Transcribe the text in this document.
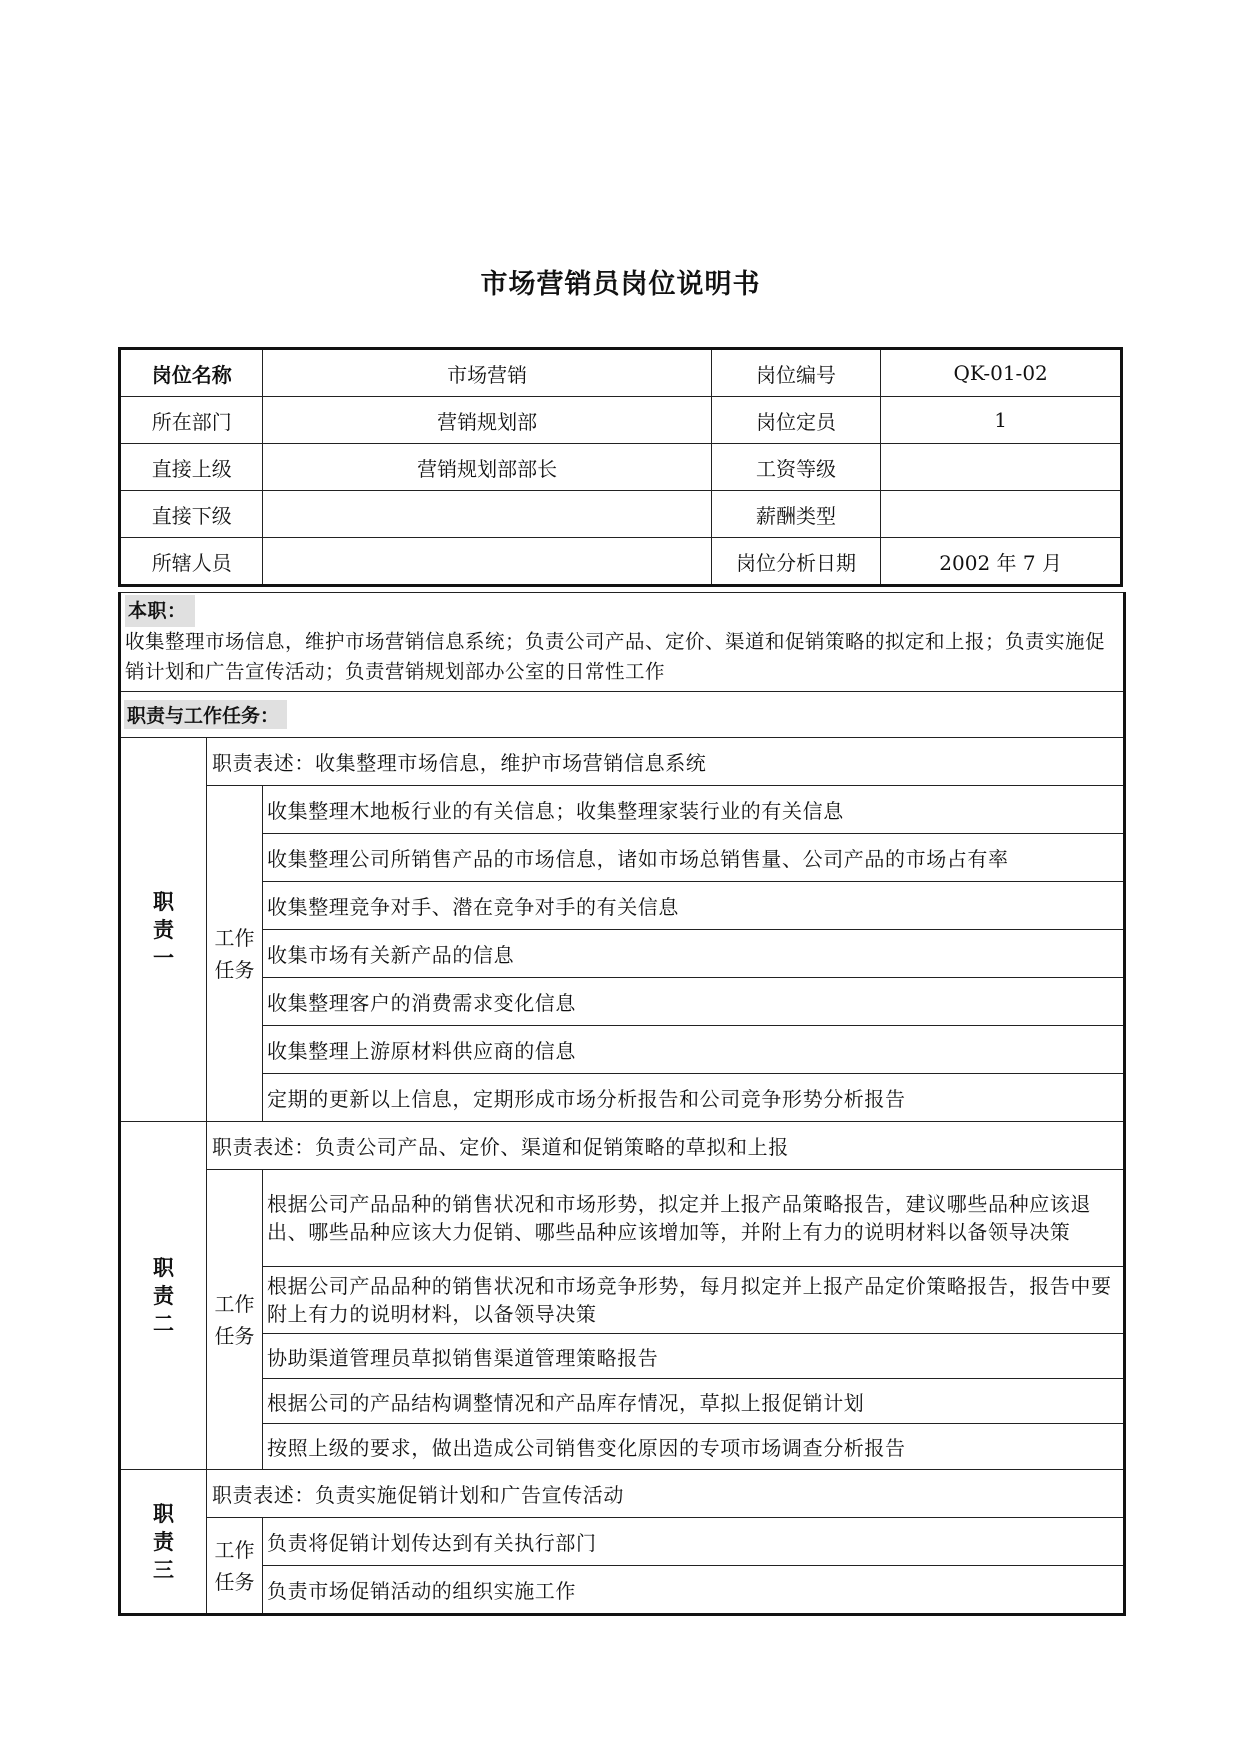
市场营销员岗位说明书
岗位名称	市场营销	岗位编号	QK-01-02
所在部门	营销规划部	岗位定员	1
直接上级	营销规划部部长	工资等级	
直接下级		薪酬类型	
所辖人员		岗位分析日期	2002 年 7 月
本职：
收集整理市场信息，维护市场营销信息系统；负责公司产品、定价、渠道和促销策略的拟定和上报；负责实施促销计划和广告宣传活动；负责营销规划部办公室的日常性工作		
职责与工作任务：		
职责一	职责表述：收集整理市场信息，维护市场营销信息系统	
	工作任务	收集整理木地板行业的有关信息；收集整理家装行业的有关信息
		收集整理公司所销售产品的市场信息，诸如市场总销售量、公司产品的市场占有率
		收集整理竞争对手、潜在竞争对手的有关信息
		收集市场有关新产品的信息
		收集整理客户的消费需求变化信息
		收集整理上游原材料供应商的信息
		定期的更新以上信息，定期形成市场分析报告和公司竞争形势分析报告
职责二	职责表述：负责公司产品、定价、渠道和促销策略的草拟和上报	
	工作任务	根据公司产品品种的销售状况和市场形势，拟定并上报产品策略报告，建议哪些品种应该退出、哪些品种应该大力促销、哪些品种应该增加等，并附上有力的说明材料以备领导决策
		根据公司产品品种的销售状况和市场竞争形势，每月拟定并上报产品定价策略报告，报告中要附上有力的说明材料，以备领导决策
		协助渠道管理员草拟销售渠道管理策略报告
		根据公司的产品结构调整情况和产品库存情况，草拟上报促销计划
		按照上级的要求，做出造成公司销售变化原因的专项市场调查分析报告
职责三	职责表述：负责实施促销计划和广告宣传活动	
	工作任务	负责将促销计划传达到有关执行部门
		负责市场促销活动的组织实施工作
